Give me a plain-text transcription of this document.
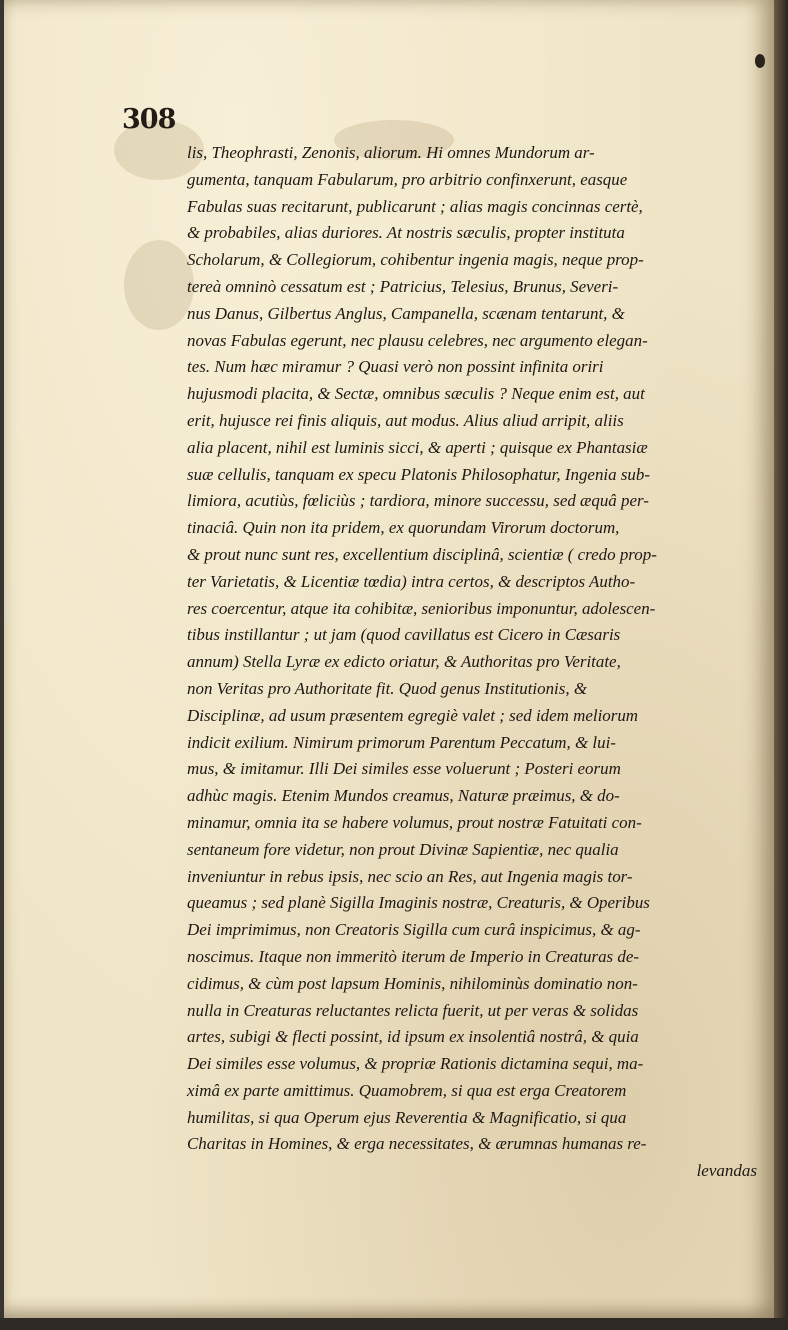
308
lis, Theophrasti, Zenonis, aliorum. Hi omnes Mundorum ar-
gumenta, tanquam Fabularum, pro arbitrio confinxerunt, easque
Fabulas suas recitarunt, publicarunt ; alias magis concinnas certè,
& probabiles, alias duriores. At nostris sæculis, propter instituta
Scholarum, & Collegiorum, cohibentur ingenia magis, neque prop-
tereà omninò cessatum est ; Patricius, Telesius, Brunus, Severi-
nus Danus, Gilbertus Anglus, Campanella, scænam tentarunt, &
novas Fabulas egerunt, nec plausu celebres, nec argumento elegan-
tes. Num hæc miramur ? Quasi verò non possint infinita oriri
hujusmodi placita, & Sectæ, omnibus sæculis ? Neque enim est, aut
erit, hujusce rei finis aliquis, aut modus. Alius aliud arripit, aliis
alia placent, nihil est luminis sicci, & aperti ; quisque ex Phantasiæ
suæ cellulis, tanquam ex specu Platonis Philosophatur, Ingenia sub-
limiora, acutiùs, fœliciùs ; tardiora, minore successu, sed æquâ per-
tinaciâ. Quin non ita pridem, ex quorundam Virorum doctorum,
& prout nunc sunt res, excellentium disciplinâ, scientiæ ( credo prop-
ter Varietatis, & Licentiæ tœdia) intra certos, & descriptos Autho-
res coercentur, atque ita cohibitæ, senioribus imponuntur, adolescen-
tibus instillantur ; ut jam (quod cavillatus est Cicero in Cæsaris
annum) Stella Lyræ ex edicto oriatur, & Authoritas pro Veritate,
non Veritas pro Authoritate fit. Quod genus Institutionis, &
Disciplinæ, ad usum præsentem egregiè valet ; sed idem meliorum
indicit exilium. Nimirum primorum Parentum Peccatum, & lui-
mus, & imitamur. Illi Dei similes esse voluerunt ; Posteri eorum
adhùc magis. Etenim Mundos creamus, Naturæ præimus, & do-
minamur, omnia ita se habere volumus, prout nostræ Fatuitati con-
sentaneum fore videtur, non prout Divinæ Sapientiæ, nec qualia
inveniuntur in rebus ipsis, nec scio an Res, aut Ingenia magis tor-
queamus ; sed planè Sigilla Imaginis nostræ, Creaturis, & Operibus
Dei imprimimus, non Creatoris Sigilla cum curâ inspicimus, & ag-
noscimus. Itaque non immeritò iterum de Imperio in Creaturas de-
cidimus, & cùm post lapsum Hominis, nihilominùs dominatio non-
nulla in Creaturas reluctantes relicta fuerit, ut per veras & solidas
artes, subigi & flecti possint, id ipsum ex insolentiâ nostrâ, & quia
Dei similes esse volumus, & propriæ Rationis dictamina sequi, ma-
ximâ ex parte amittimus. Quamobrem, si qua est erga Creatorem
humilitas, si qua Operum ejus Reverentia & Magnificatio, si qua
Charitas in Homines, & erga necessitates, & ærumnas humanas re-
levandas
